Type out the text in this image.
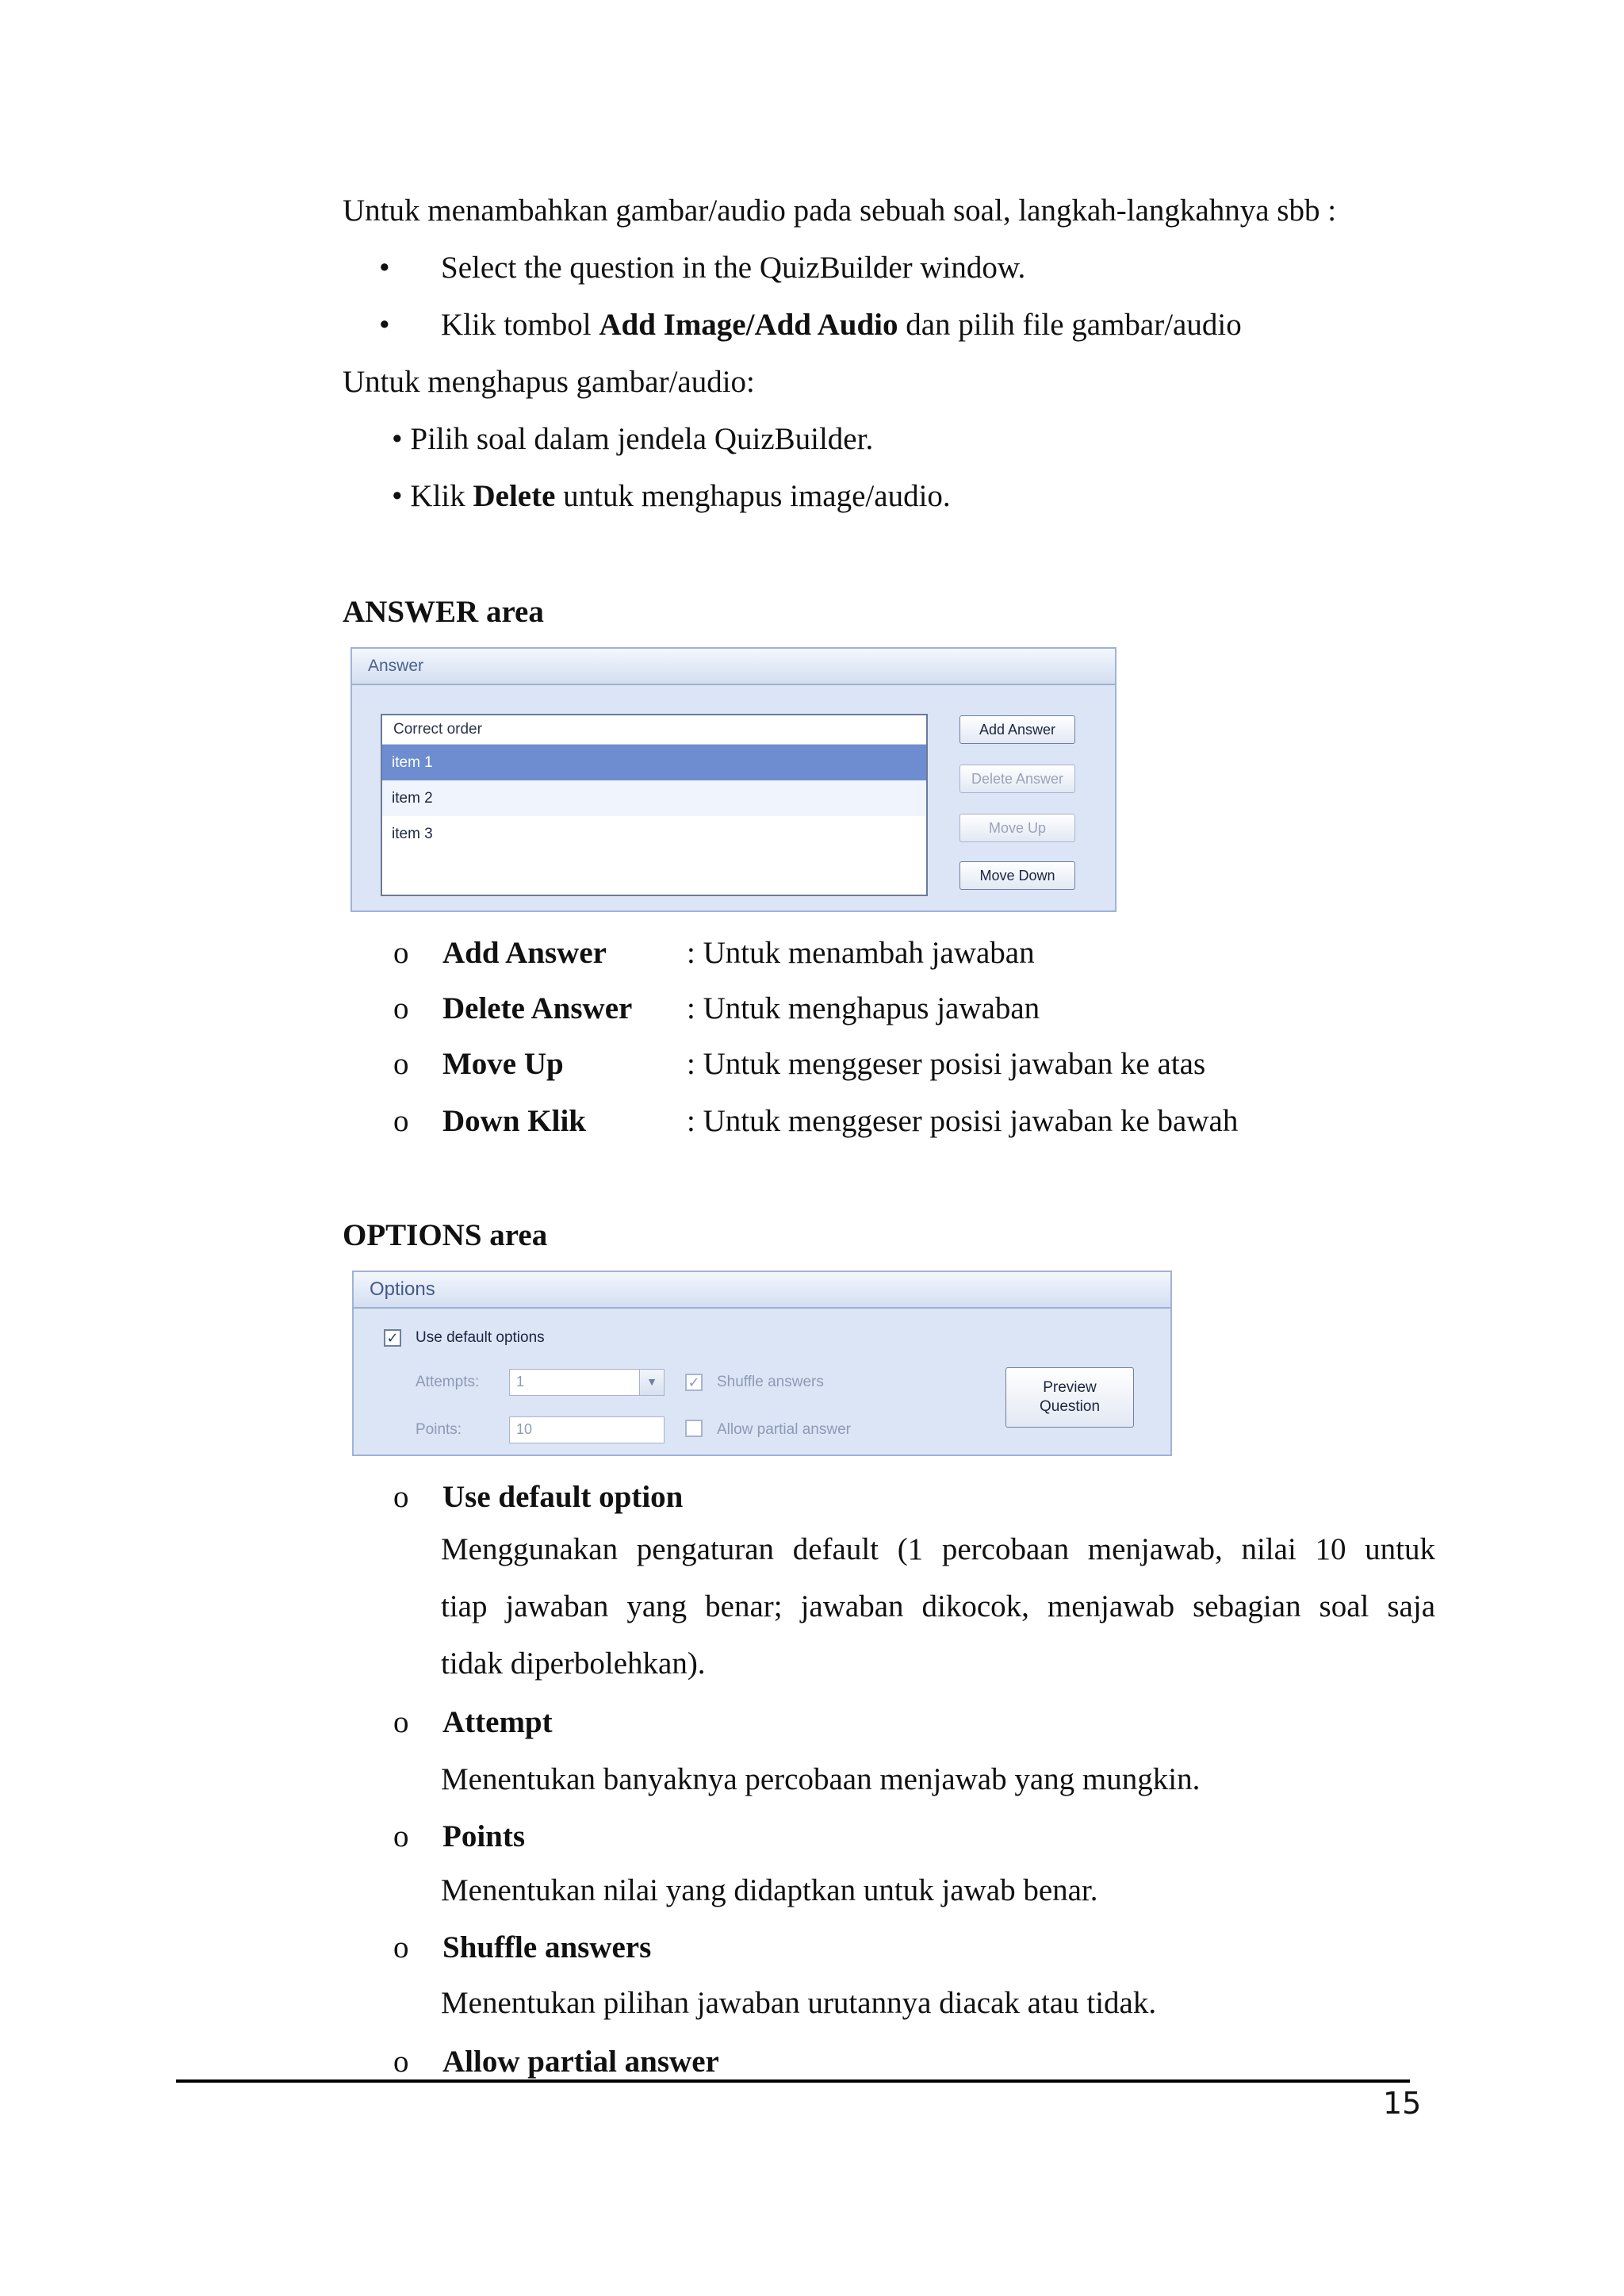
Untuk menambahkan gambar/audio pada sebuah soal, langkah-langkahnya sbb :
• Select the question in the QuizBuilder window.
• Klik tombol Add Image/Add Audio dan pilih file gambar/audio
Untuk menghapus gambar/audio:
• Pilih soal dalam jendela QuizBuilder.
• Klik Delete untuk menghapus image/audio.
ANSWER area
Answer
Correct order
item 1
item 2
item 3
Add Answer
Delete Answer
Move Up
Move Down
o Add Answer	: Untuk menambah jawaban
o Delete Answer : Untuk menghapus jawaban
o Move Up	: Untuk menggeser posisi jawaban ke atas
o Down Klik	: Untuk menggeser posisi jawaban ke bawah
OPTIONS area
Options
✓ Use default options
Attempts:	1	▼
Points:	10
✓ Shuffle answers
Allow partial answer
Preview
Question
o Use default option
Menggunakan pengaturan default (1 percobaan menjawab, nilai 10 untuk
tiap jawaban yang benar; jawaban dikocok, menjawab sebagian soal saja
tidak diperbolehkan).
o Attempt
Menentukan banyaknya percobaan menjawab yang mungkin.
o Points
Menentukan nilai yang didaptkan untuk jawab benar.
o Shuffle answers
Menentukan pilihan jawaban urutannya diacak atau tidak.
o Allow partial answer
15
